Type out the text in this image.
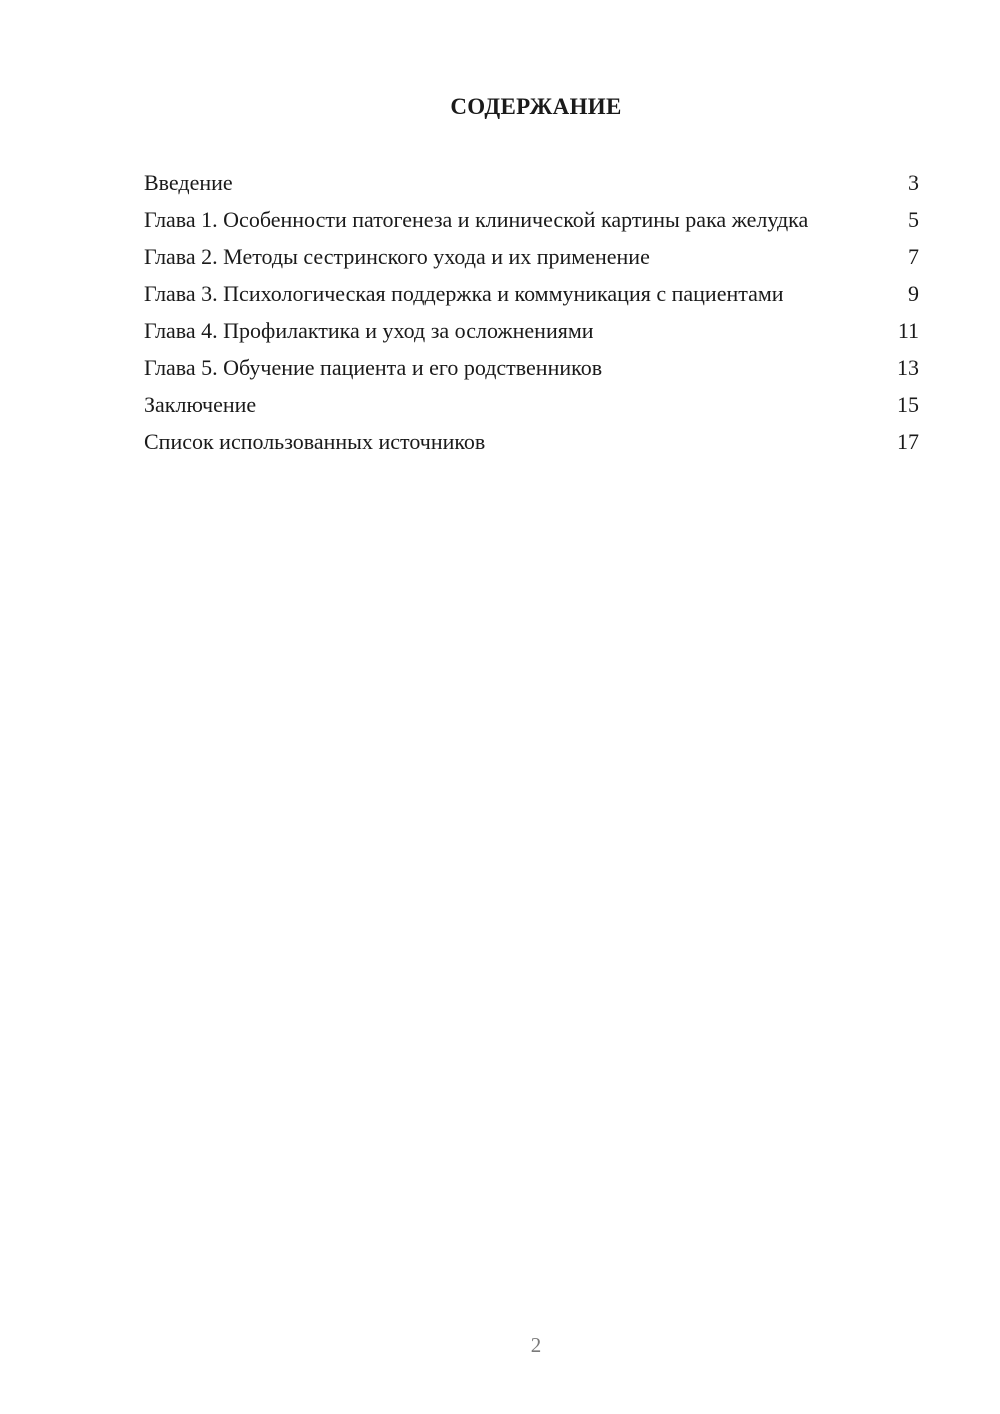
СОДЕРЖАНИЕ
Введение	3
Глава 1. Особенности патогенеза и клинической картины рака желудка	5
Глава 2. Методы сестринского ухода и их применение	7
Глава 3. Психологическая поддержка и коммуникация с пациентами	9
Глава 4. Профилактика и уход за осложнениями	11
Глава 5. Обучение пациента и его родственников	13
Заключение	15
Список использованных источников	17
2
